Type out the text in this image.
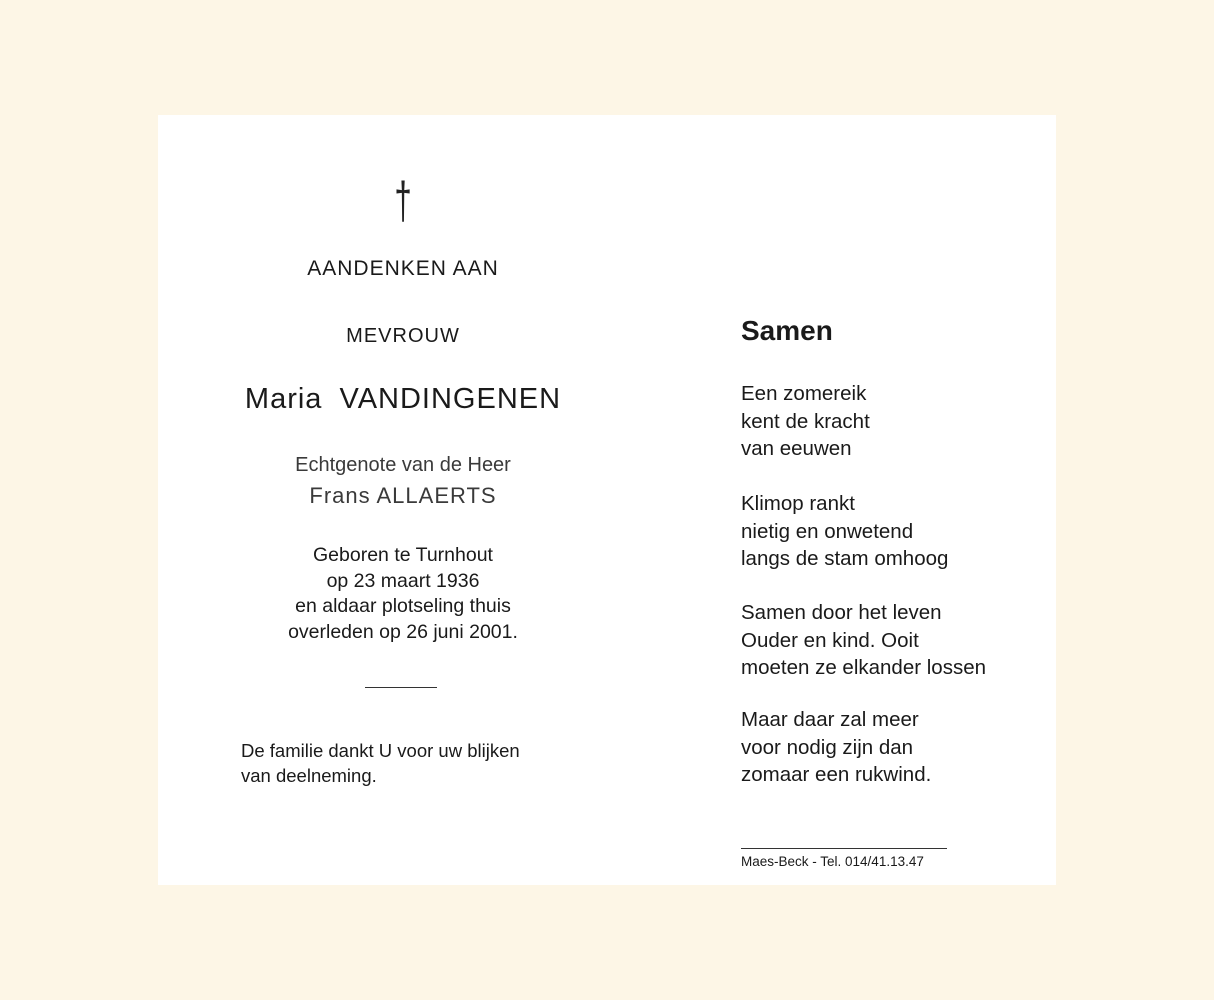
†

AANDENKEN AAN

MEVROUW

Maria VANDINGENEN

Echtgenote van de Heer

Frans ALLAERTS

Geboren te Turnhout
op 23 maart 1936
en aldaar plotseling thuis
overleden op 26 juni 2001.

De familie dankt U voor uw blijken
van deelneming.

Samen

Een zomereik
kent de kracht
van eeuwen

Klimop rankt
nietig en onwetend
langs de stam omhoog

Samen door het leven
Ouder en kind. Ooit
moeten ze elkander lossen

Maar daar zal meer
voor nodig zijn dan
zomaar een rukwind.

Maes-Beck - Tel. 014/41.13.47
